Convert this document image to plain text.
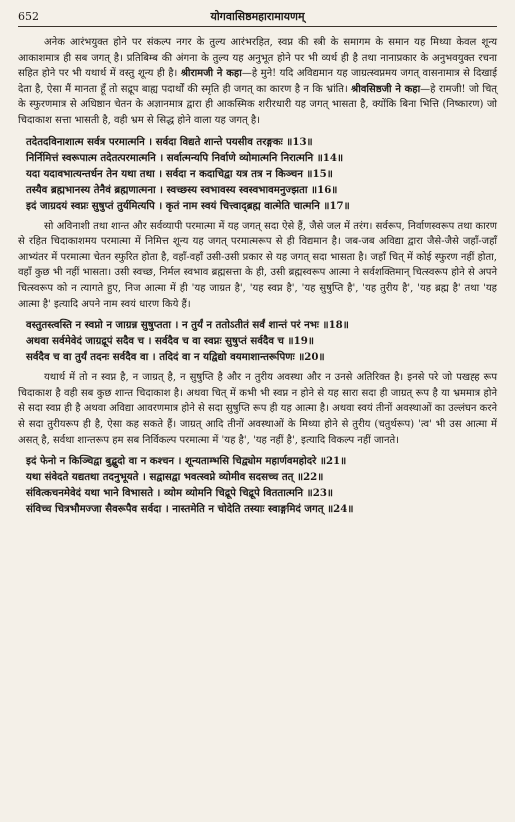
652	योगवासिष्ठमहारामायणम्

अनेक आरंभयुक्त होने पर संकल्प नगर के तुल्य आरंभरहित, स्वप्न की स्त्री के समागम के समान यह मिथ्या केवल शून्य आकाशमात्र ही सब जगत् है। प्रतिबिम्ब की अंगना के तुल्य यह अनुभूत होने पर भी व्यर्थ ही है तथा नानाप्रकार के अनुभवयुक्त रचना सहित होने पर भी यथार्थ में वस्तु शून्य ही है। श्रीरामजी ने कहा—हे मुने! यदि अविद्यमान यह जाग्रत्स्वप्नमय जगत् वासनामात्र से दिखाई देता है, ऐसा मैं मानता हूँ तो सद्रूप बाह्य पदार्थों की स्मृति ही जगत् का कारण है न कि भ्रांति। श्रीवसिष्ठजी ने कहा—हे रामजी! जो चित् के स्फुरणमात्र से अधिष्ठान चेतन के अज्ञानमात्र द्वारा ही आकस्मिक शरीरधारी यह जगत् भासता है, क्योंकि बिना भित्ति (निष्कारण) जो चिदाकाश सत्ता भासती है, वही भ्रम से सिद्ध होने वाला यह जगत् है।

तदेतदविनाशात्म सर्वत्र परमात्मनि । सर्वदा विद्यते शान्ते पयसीव तरङ्गकः ॥13॥
निर्निमित्तं स्वरूपात्म तदेतत्परमात्मनि । सर्वात्मन्यपि निर्वाणे व्योमात्मनि निरात्मनि ॥14॥
यदा यदावभात्यन्तर्धन तेन यथा तथा । सर्वदा न कदाचिद्वा यत्र तत्र न किञ्चन ॥15॥
तस्यैव ब्रह्मभानस्य तेनैवं ब्रह्मणात्मना । स्वच्छस्य स्वभावस्य स्वस्वभावमनुज्झता ॥16॥
इदं जाग्रदयं स्वप्नः सुषुप्तं तुर्यमित्यपि । कृतं नाम स्वयं चित्त्वाद्ब्रह्म वात्मेति चात्मनि ॥17॥

सो अविनाशी तथा शान्त और सर्वव्यापी परमात्मा में यह जगत् सदा ऐसे हैं, जैसे जल में तरंग। सर्वरूप, निर्वाणस्वरूप तथा कारण से रहित चिदाकाशमय परमात्मा में निमित्त शून्य यह जगत् परमात्मरूप से ही विद्यमान है। जब-जब अविद्या द्वारा जैसे-जैसे जहाँ-जहाँ आभ्यंतर में परमात्मा चेतन स्फुरित होता है, वहाँ-वहाँ उसी-उसी प्रकार से यह जगत् सदा भासता है। जहाँ चित् में कोई स्फुरण नहीं होता, वहाँ कुछ भी नहीं भासता। उसी स्वच्छ, निर्मल स्वभाव ब्रह्मसत्ता के ही, उसी ब्रह्मस्वरूप आत्मा ने सर्वशक्तिमान् चित्स्वरूप होने से अपने चित्स्वरूप को न त्यागते हुए, निज आत्मा में ही 'यह जाग्रत है', 'यह स्वप्न है', 'यह सुषुप्ति है', 'यह तुरीय है', 'यह ब्रह्म है' तथा 'यह आत्मा है' इत्यादि अपने नाम स्वयं धारण किये हैं।

वस्तुतस्त्वस्ति न स्वप्नो न जाग्रन्न सुषुप्तता । न तुर्यं न ततोऽतीतं सर्वं शान्तं परं नभः ॥18॥
अथवा सर्वमेवेदं जाग्रद्रूपं सदैव च । सर्वदैव च वा स्वप्नः सुषुप्तं सर्वदैव च ॥19॥
सर्वदैव च वा तुर्यं तदनः सर्वदैव वा । तदिदं वा न यद्विद्यो वयमाशान्तरूपिणः ॥20॥

यथार्थ में तो न स्वप्न है, न जाग्रत् है, न सुषुप्ति है और न तुरीय अवस्था और न उनसे अतिरिक्त है। इनसे परे जो पखह्ह रूप चिदाकाश है वही सब कुछ शान्त चिदाकाश है। अथवा चित् में कभी भी स्वप्न न होने से यह सारा सदा ही जाग्रत् रूप है या भ्रममात्र होने से सदा स्वप्न ही है अथवा अविद्या आवरणमात्र होने से सदा सुषुप्ति रूप ही यह आत्मा है। अथवा स्वयं तीनों अवस्थाओं का उल्लंघन करने से सदा तुरीयरूप ही है, ऐसा कह सकते हैं। जाग्रत् आदि तीनों अवस्थाओं के मिथ्या होने से तुरीय (चतुर्थरूप) 'त्व' भी उस आत्मा में असत् है, सर्वथा शान्तरूप हम सब निर्विकल्प परमात्मा में 'यह है', 'यह नहीं है', इत्यादि विकल्प नहीं जानते।

इदं फेनो न किञ्चिद्वा बुद्बुदो वा न कश्चन । शून्यताम्भसि चिद्व्योम महार्णवमहोदरे ॥21॥
यथा संवेदते यद्यतथा तदनुभूयते । सद्वासद्वा भवत्स्वप्ने व्योमीव सदसच्च तत् ॥22॥
संवित्कचनमेवेदं यथा भाने विभासते । व्योम व्योमनि चिद्रूपे चिद्रूपे विततात्मनि ॥23॥
संविच्च चित्रभौमज्जा सैवरूपैव सर्वदा । नास्तमेति न चोदेति तस्याः स्वाङ्गमिदं जगत् ॥24॥
